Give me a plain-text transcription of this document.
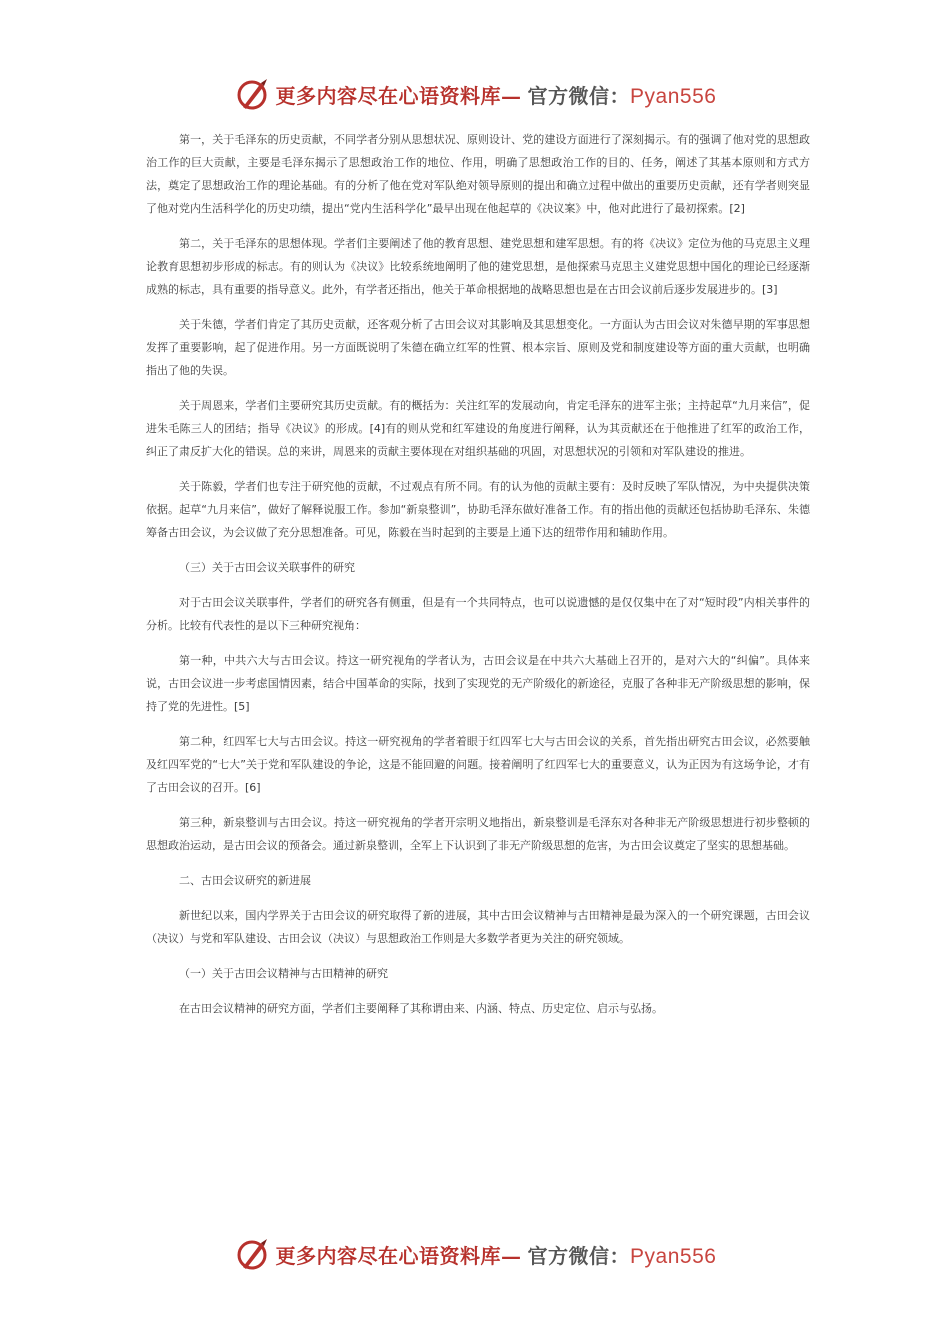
更多内容尽在心语资料库— 官方微信：Pyan556

第一，关于毛泽东的历史贡献，不同学者分别从思想状况、原则设计、党的建设方面进行了深刻揭示。有的强调了他对党的思想政治工作的巨大贡献，主要是毛泽东揭示了思想政治工作的地位、作用，明确了思想政治工作的目的、任务，阐述了其基本原则和方式方法，奠定了思想政治工作的理论基础。有的分析了他在党对军队绝对领导原则的提出和确立过程中做出的重要历史贡献，还有学者则突显了他对党内生活科学化的历史功绩，提出“党内生活科学化”最早出现在他起草的《决议案》中，他对此进行了最初探索。[2]

第二，关于毛泽东的思想体现。学者们主要阐述了他的教育思想、建党思想和建军思想。有的将《决议》定位为他的马克思主义理论教育思想初步形成的标志。有的则认为《决议》比较系统地阐明了他的建党思想，是他探索马克思主义建党思想中国化的理论已经逐渐成熟的标志，具有重要的指导意义。此外，有学者还指出，他关于革命根据地的战略思想也是在古田会议前后逐步发展进步的。[3]

关于朱德，学者们肯定了其历史贡献，还客观分析了古田会议对其影响及其思想变化。一方面认为古田会议对朱德早期的军事思想发挥了重要影响，起了促进作用。另一方面既说明了朱德在确立红军的性質、根本宗旨、原则及党和制度建设等方面的重大贡献，也明确指出了他的失误。

关于周恩来，学者们主要研究其历史贡献。有的概括为：关注红军的发展动向，肯定毛泽东的进军主张；主持起草“九月来信”，促进朱毛陈三人的团结；指导《决议》的形成。[4]有的则从党和红军建设的角度进行阐释，认为其贡献还在于他推进了红军的政治工作，纠正了肃反扩大化的错误。总的来讲，周恩来的贡献主要体现在对组织基础的巩固，对思想状况的引领和对军队建设的推进。

关于陈毅，学者们也专注于研究他的贡献，不过观点有所不同。有的认为他的贡献主要有：及时反映了军队情况，为中央提供决策依据。起草“九月来信”，做好了解释说服工作。参加“新泉整训”，协助毛泽东做好准备工作。有的指出他的贡献还包括协助毛泽东、朱德筹备古田会议，为会议做了充分思想准备。可见，陈毅在当时起到的主要是上通下达的纽带作用和辅助作用。

（三）关于古田会议关联事件的研究

对于古田会议关联事件，学者们的研究各有侧重，但是有一个共同特点，也可以说遗憾的是仅仅集中在了对“短时段”内相关事件的分析。比较有代表性的是以下三种研究视角：

第一种，中共六大与古田会议。持这一研究视角的学者认为，古田会议是在中共六大基础上召开的，是对六大的“纠偏”。具体来说，古田会议进一步考虑国情因素，结合中国革命的实际，找到了实现党的无产阶级化的新途径，克服了各种非无产阶级思想的影响，保持了党的先进性。[5]

第二种，红四军七大与古田会议。持这一研究视角的学者着眼于红四军七大与古田会议的关系，首先指出研究古田会议，必然要触及红四军党的“七大”关于党和军队建设的争论，这是不能回避的问题。接着阐明了红四军七大的重要意义，认为正因为有这场争论，才有了古田会议的召开。[6]

第三种，新泉整训与古田会议。持这一研究视角的学者开宗明义地指出，新泉整训是毛泽东对各种非无产阶级思想进行初步整顿的思想政治运动，是古田会议的预备会。通过新泉整训，全军上下认识到了非无产阶级思想的危害，为古田会议奠定了坚实的思想基础。

二、古田会议研究的新进展

新世纪以来，国内学界关于古田会议的研究取得了新的进展，其中古田会议精神与古田精神是最为深入的一个研究课题，古田会议（决议）与党和军队建设、古田会议（决议）与思想政治工作则是大多数学者更为关注的研究领域。

（一）关于古田会议精神与古田精神的研究

在古田会议精神的研究方面，学者们主要阐释了其称谓由来、内涵、特点、历史定位、启示与弘扬。

更多内容尽在心语资料库— 官方微信：Pyan556
